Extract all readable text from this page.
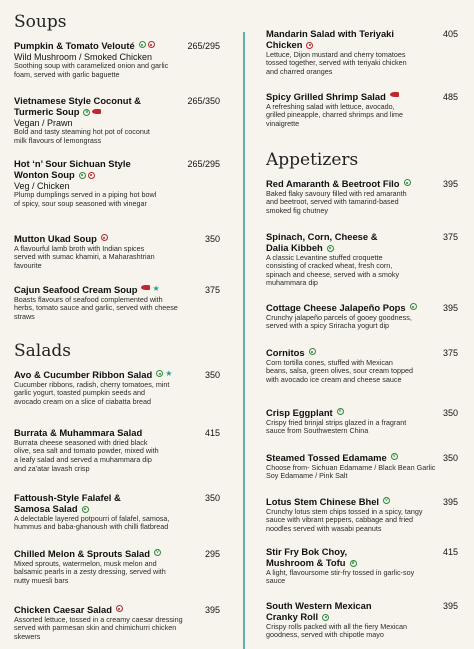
Soups
Pumpkin & Tomato Velouté	265/295
Wild Mushroom / Smoked Chicken
Soothing soup with caramelized onion and garlic foam, served with garlic baguette
Vietnamese Style Coconut & Turmeric Soup v
265/350
Vegan / Prawn
Bold and tasty steaming hot pot of coconut milk flavours of lemongrass
Hot ‘n’ Sour Sichuan Style Wonton Soup
265/295
Veg / Chicken
Plump dumplings served in a piping hot bowl of spicy, sour soup seasoned with vinegar
Mutton Ukad Soup	350
A flavourful lamb broth with Indian spices served with sumac khamiri, a Maharashtrian favourite
Cajun Seafood Cream Soup ★	375
Boasts flavours of seafood complemented with herbs, tomato sauce and garlic, served with cheese straws
Salads
Avo & Cucumber Ribbon Salad ★	350
Cucumber ribbons, radish, cherry tomatoes, mint garlic yogurt, toasted pumpkin seeds and avocado cream on a slice of ciabatta bread
Burrata & Muhammara Salad	415
Burrata cheese seasoned with dried black olive, sea salt and tomato powder, mixed with a leafy salad and served a muhammara dip and za’atar lavash crisp
Fattoush-Style Falafel & Samosa Salad
350
A delectable layered potpourri of falafel, samosa, hummus and baba-ghanoush with chilli flatbread
Chilled Melon & Sprouts Salad	v	295
Mixed sprouts, watermelon, musk melon and balsamic pearls in a zesty dressing, served with nutty muesli bars
Chicken Caesar Salad	395
Assorted lettuce, tossed in a creamy caesar dressing served with parmesan skin and chimichurri chicken skewers
Mandarin Salad with Teriyaki Chicken
405
Lettuce, Dijon mustard and cherry tomatoes tossed together, served with teriyaki chicken and charred oranges
Spicy Grilled Shrimp Salad	485
A refreshing salad with lettuce, avocado, grilled pineapple, charred shrimps and lime vinaigrette
Appetizers
Red Amaranth & Beetroot Filo	395
Baked flaky savoury filled with red amaranth and beetroot, served with tamarind-based smoked fig chutney
Spinach, Corn, Cheese & Dalia Kibbeh
375
A classic Levantine stuffed croquette consisting of cracked wheat, fresh corn, spinach and cheese, served with a smoky muhammara dip
Cottage Cheese Jalapeño Pops	395
Crunchy jalapeño parcels of gooey goodness, served with a spicy Sriracha yogurt dip
Cornitos	375
Corn tortilla cones, stuffed with Mexican beans, salsa, green olives, sour cream topped with avocado ice cream and cheese sauce
Crisp Eggplant	v	350
Crispy fried brinjal strips glazed in a fragrant sauce from Southwestern China
Steamed Tossed Edamame	v	350
Choose from- Sichuan Edamame / Black Bean Garlic Soy Edamame / Pink Salt
Lotus Stem Chinese Bhel	v	395
Crunchy lotus stem chips tossed in a spicy, tangy sauce with vibrant peppers, cabbage and fried noodles served with wasabi peanuts
Stir Fry Bok Choy, Mushroom & Tofu v
415
A light, flavoursome stir-fry tossed in garlic-soy sauce
South Western Mexican Cranky Roll
395
Crispy rolls packed with all the fiery Mexican goodness, served with chipotle mayo
